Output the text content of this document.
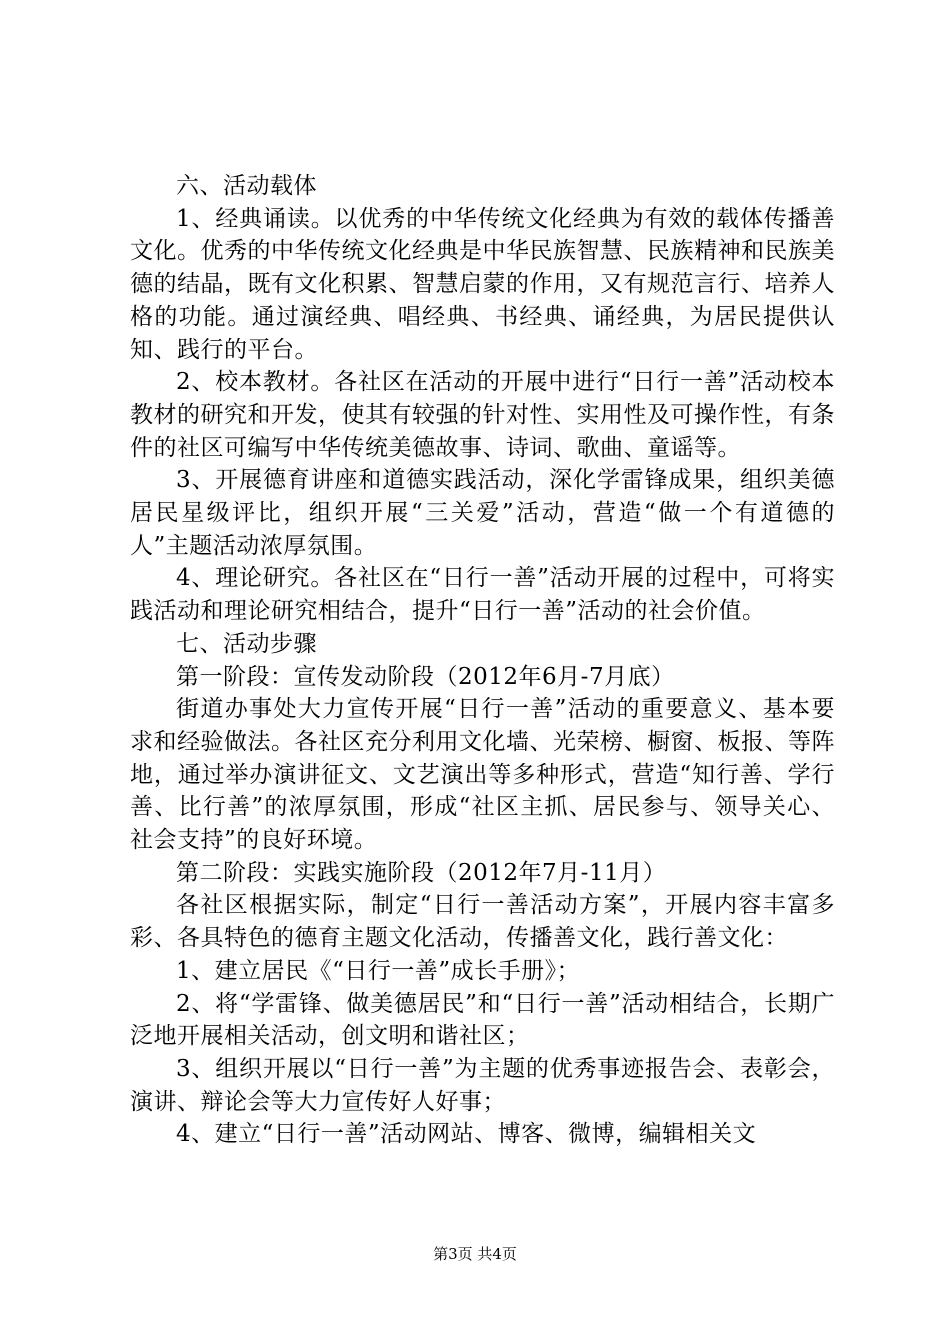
六、活动载体

1、经典诵读。以优秀的中华传统文化经典为有效的载体传播善文化。优秀的中华传统文化经典是中华民族智慧、民族精神和民族美德的结晶，既有文化积累、智慧启蒙的作用，又有规范言行、培养人格的功能。通过演经典、唱经典、书经典、诵经典，为居民提供认知、践行的平台。

2、校本教材。各社区在活动的开展中进行“日行一善”活动校本教材的研究和开发，使其有较强的针对性、实用性及可操作性，有条件的社区可编写中华传统美德故事、诗词、歌曲、童谣等。

3、开展德育讲座和道德实践活动，深化学雷锋成果，组织美德居民星级评比，组织开展“三关爱”活动，营造“做一个有道德的人”主题活动浓厚氛围。

4、理论研究。各社区在“日行一善”活动开展的过程中，可将实践活动和理论研究相结合，提升“日行一善”活动的社会价值。

七、活动步骤

第一阶段：宣传发动阶段（2012年6月-7月底）

街道办事处大力宣传开展“日行一善”活动的重要意义、基本要求和经验做法。各社区充分利用文化墙、光荣榜、橱窗、板报、等阵地，通过举办演讲征文、文艺演出等多种形式，营造“知行善、学行善、比行善”的浓厚氛围，形成“社区主抓、居民参与、领导关心、社会支持”的良好环境。

第二阶段：实践实施阶段（2012年7月-11月）

各社区根据实际，制定“日行一善活动方案”，开展内容丰富多彩、各具特色的德育主题文化活动，传播善文化，践行善文化：

1、建立居民《“日行一善”成长手册》；

2、将“学雷锋、做美德居民”和“日行一善”活动相结合，长期广泛地开展相关活动，创文明和谐社区；

3、组织开展以“日行一善”为主题的优秀事迹报告会、表彰会，演讲、辩论会等大力宣传好人好事；

4、建立“日行一善”活动网站、博客、微博，编辑相关文

第3页 共4页
